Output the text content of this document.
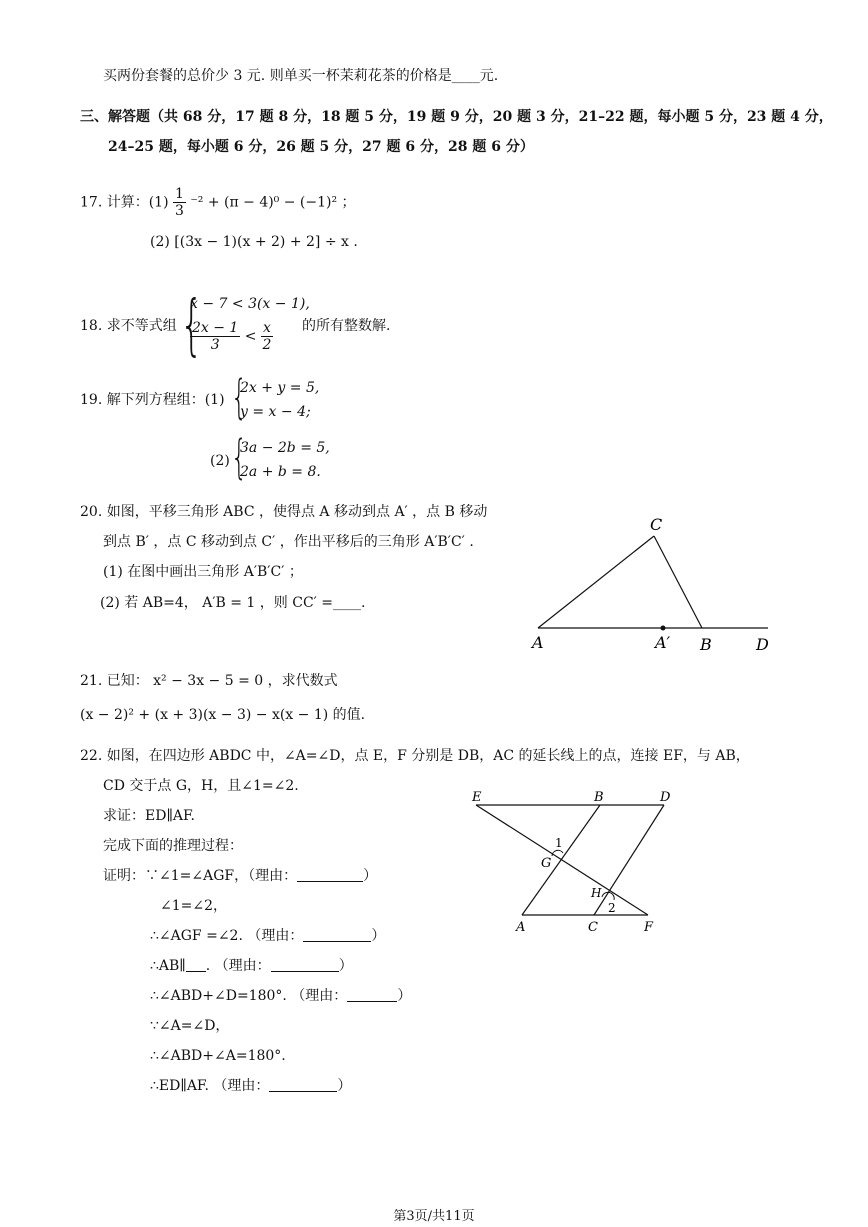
买两份套餐的总价少 3 元. 则单买一杯茉莉花茶的价格是____元.
三、解答题（共 68 分，17 题 8 分，18 题 5 分，19 题 9 分，20 题 3 分，21–22 题，每小题 5 分，23 题 4 分，
24–25 题，每小题 6 分，26 题 5 分，27 题 6 分，28 题 6 分）
17. 计算：$(1) \frac{1}{3} ^{-2} + (\pi - 4)^0 - (-1)^2$ ；
(2) [(3x − 1)(x + 2) + 2] ÷ x .
18. 求不等式组 {
x − 7 < 3(x − 1),
$\frac{2x - 1}{3} < \frac{x}{2}$ 的所有整数解.
19. 解下列方程组：(1) {
2x + y = 5,
y = x − 4;
(2) {
3a − 2b = 5,
2a + b = 8.
20. 如图，平移三角形 ABC ，使得点 A 移动到点 A′ ，点 B 移动
到点 B′ ，点 C 移动到点 C′ ，作出平移后的三角形 A′B′C′ .
(1) 在图中画出三角形 A′B′C′ ；
(2) 若 AB=4， A′B = 1 ，则 CC′ =____.
C
A	A′ B	D
21. 已知： x² − 3x − 5 = 0 ，求代数式
(x − 2)² + (x + 3)(x − 3) − x(x − 1) 的值.
22. 如图，在四边形 ABDC 中，∠A=∠D，点 E，F 分别是 DB，AC 的延长线上的点，连接 EF，与 AB，
CD 交于点 G，H，且∠1=∠2.
求证：ED∥AF.
完成下面的推理过程：
证明：∵∠1=∠AGF，（理由：	）
∠1=∠2，
∴∠AGF =∠2. （理由：	）
∴AB∥ . （理由：	）
∴∠ABD+∠D=180°. （理由：	）
∵∠A=∠D，
∴∠ABD+∠A=180°.
∴ED∥AF. （理由：	）
E	B	D
1
G
H
2
A	C	F
第3页/共11页
